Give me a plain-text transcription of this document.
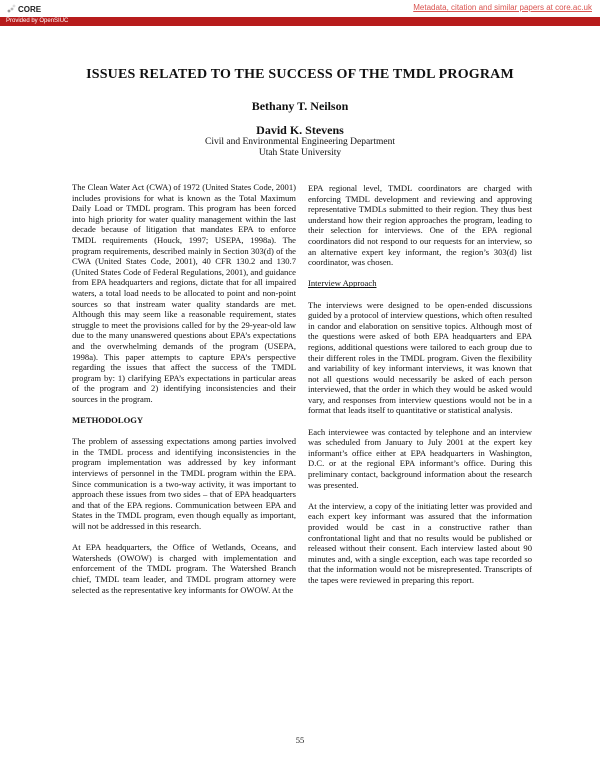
CORE	Metadata, citation and similar papers at core.ac.uk
Provided by OpenSIUC
ISSUES RELATED TO THE SUCCESS OF THE TMDL PROGRAM
Bethany T. Neilson
David K. Stevens
Civil and Environmental Engineering Department
Utah State University

The Clean Water Act (CWA) of 1972 (United States Code, 2001) includes provisions for what is known as the Total Maximum Daily Load or TMDL program. This program has been forced into high priority for water quality management within the last decade because of litigation that mandates EPA to enforce TMDL requirements (Houck, 1997; USEPA, 1998a). The program requirements, described mainly in Section 303(d) of the CWA (United States Code, 2001), 40 CFR 130.2 and 130.7 (United States Code of Federal Regulations, 2001), and guidance from EPA headquarters and regions, dictate that for all impaired waters, a total load needs to be allocated to point and non-point sources so that instream water quality standards are met. Although this may seem like a reasonable requirement, states struggle to meet the provisions called for by the 29-year-old law due to the many unanswered questions about EPA’s expectations and the overwhelming demands of the program (USEPA, 1998a). This paper attempts to capture EPA’s perspective regarding the issues that affect the success of the TMDL program by: 1) clarifying EPA’s expectations in particular areas of the program and 2) identifying inconsistencies and their sources in the program.

METHODOLOGY

The problem of assessing expectations among parties involved in the TMDL process and identifying inconsistencies in the program implementation was addressed by key informant interviews of personnel in the TMDL program within the EPA. Since communication is a two-way activity, it was important to approach these issues from two sides – that of EPA headquarters and that of the EPA regions. Communication between EPA and States in the TMDL program, even though equally as important, will not be addressed in this research.

At EPA headquarters, the Office of Wetlands, Oceans, and Watersheds (OWOW) is charged with implementation and enforcement of the TMDL program. The Watershed Branch chief, TMDL team leader, and TMDL program attorney were selected as the representative key informants for OWOW. At the

EPA regional level, TMDL coordinators are charged with enforcing TMDL development and reviewing and approving representative TMDLs submitted to their region. They thus best understand how their region approaches the program, leading to their selection for interviews. One of the EPA regional coordinators did not respond to our requests for an interview, so an alternative expert key informant, the region’s 303(d) list coordinator, was chosen.

Interview Approach

The interviews were designed to be open-ended discussions guided by a protocol of interview questions, which often resulted in candor and elaboration on sensitive topics. Although most of the questions were asked of both EPA headquarters and EPA regions, additional questions were tailored to each group due to their different roles in the TMDL program. Given the flexibility and variability of key informant interviews, it was known that not all questions would necessarily be asked of each person interviewed, that the order in which they would be asked would vary, and responses from interview questions would not be in a format that leads itself to quantitative or statistical analysis.

Each interviewee was contacted by telephone and an interview was scheduled from January to July 2001 at the expert key informant’s office either at EPA headquarters in Washington, D.C. or at the regional EPA informant’s office. During this preliminary contact, background information about the research was presented.

At the interview, a copy of the initiating letter was provided and each expert key informant was assured that the information provided would be cast in a constructive rather than confrontational light and that no results would be published or released without their consent. Each interview lasted about 90 minutes and, with a single exception, each was tape recorded so that the information would not be misrepresented. Transcripts of the tapes were reviewed in preparing this report.

55
